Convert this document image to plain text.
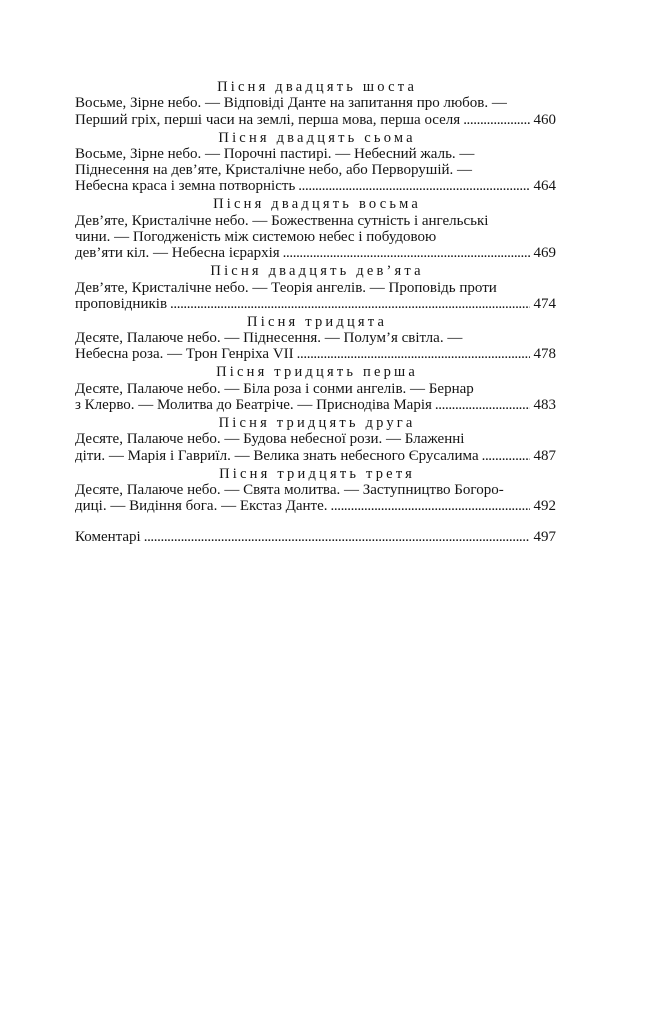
Пісня двадцять шоста
Восьме, Зірне небо. — Відповіді Данте на запитання про любов. —
Перший гріх, перші часи на землі, перша мова, перша оселя .....	460
Пісня двадцять сьома
Восьме, Зірне небо. — Порочні пастирі. — Небесний жаль. —
Піднесення на дев’яте, Кристалічне небо, або Перворушій. —
Небесна краса і земна потворність .....	464
Пісня двадцять восьма
Дев’яте, Кристалічне небо. — Божественна сутність і ангельські
чини. — Погодженість між системою небес і побудовою
дев’яти кіл. — Небесна ієрархія .....	469
Пісня двадцять дев’ята
Дев’яте, Кристалічне небо. — Теорія ангелів. — Проповідь проти
проповідників .....	474
Пісня тридцята
Десяте, Палаюче небо. — Піднесення. — Полум’я світла. —
Небесна роза. — Трон Генріха VII .....	478
Пісня тридцять перша
Десяте, Палаюче небо. — Біла роза і сонми ангелів. — Бернар
з Клерво. — Молитва до Беатріче. — Приснодіва Марія .....	483
Пісня тридцять друга
Десяте, Палаюче небо. — Будова небесної рози. — Блаженні
діти. — Марія і Гавриїл. — Велика знать небесного Єрусалима .....	487
Пісня тридцять третя
Десяте, Палаюче небо. — Свята молитва. — Заступництво Богоро-
диці. — Видіння бога. — Екстаз Данте. .....	492
Коментарі .....	497
